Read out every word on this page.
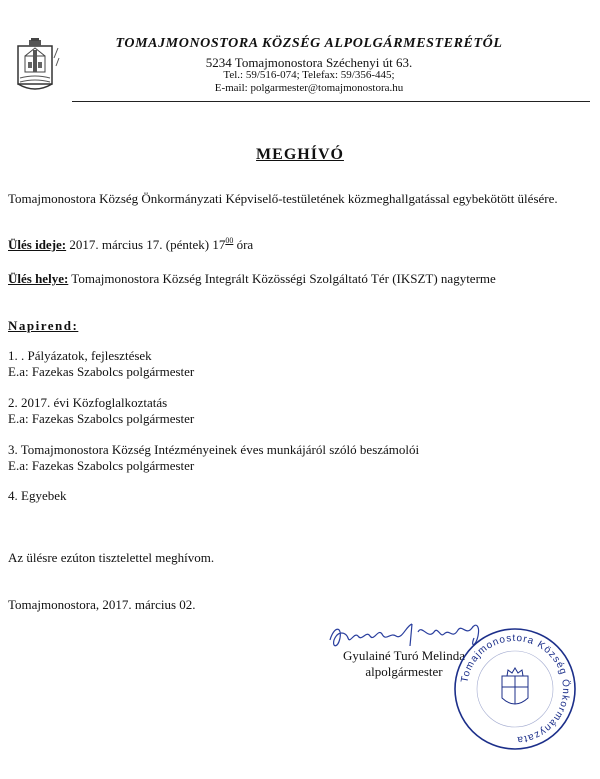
TOMAJMONOSTORA KÖZSÉG ALPOLGÁRMESTERÉTŐL
5234 Tomajmonostora Széchenyi út 63.
Tel.: 59/516-074; Telefax: 59/356-445;
E-mail: polgarmester@tomajmonostora.hu
MEGHÍVÓ
Tomajmonostora Község Önkormányzati Képviselő-testületének közmeghallgatással egybekötött ülésére.
Ülés ideje: 2017. március 17. (péntek) $17^{00}$ óra
Ülés helye: Tomajmonostora Község Integrált Közösségi Szolgáltató Tér (IKSZT) nagyterme
Napirend:
1. . Pályázatok, fejlesztések
E.a: Fazekas Szabolcs polgármester
2. 2017. évi Közfoglalkoztatás
E.a: Fazekas Szabolcs polgármester
3. Tomajmonostora Község Intézményeinek éves munkájáról szóló beszámolói
E.a: Fazekas Szabolcs polgármester
4. Egyebek
Az ülésre ezúton tisztelettel meghívom.
Tomajmonostora, 2017. március 02.
Gyulainé Turó Melinda
alpolgármester
Tomajmonostora Község Önkormányzata
